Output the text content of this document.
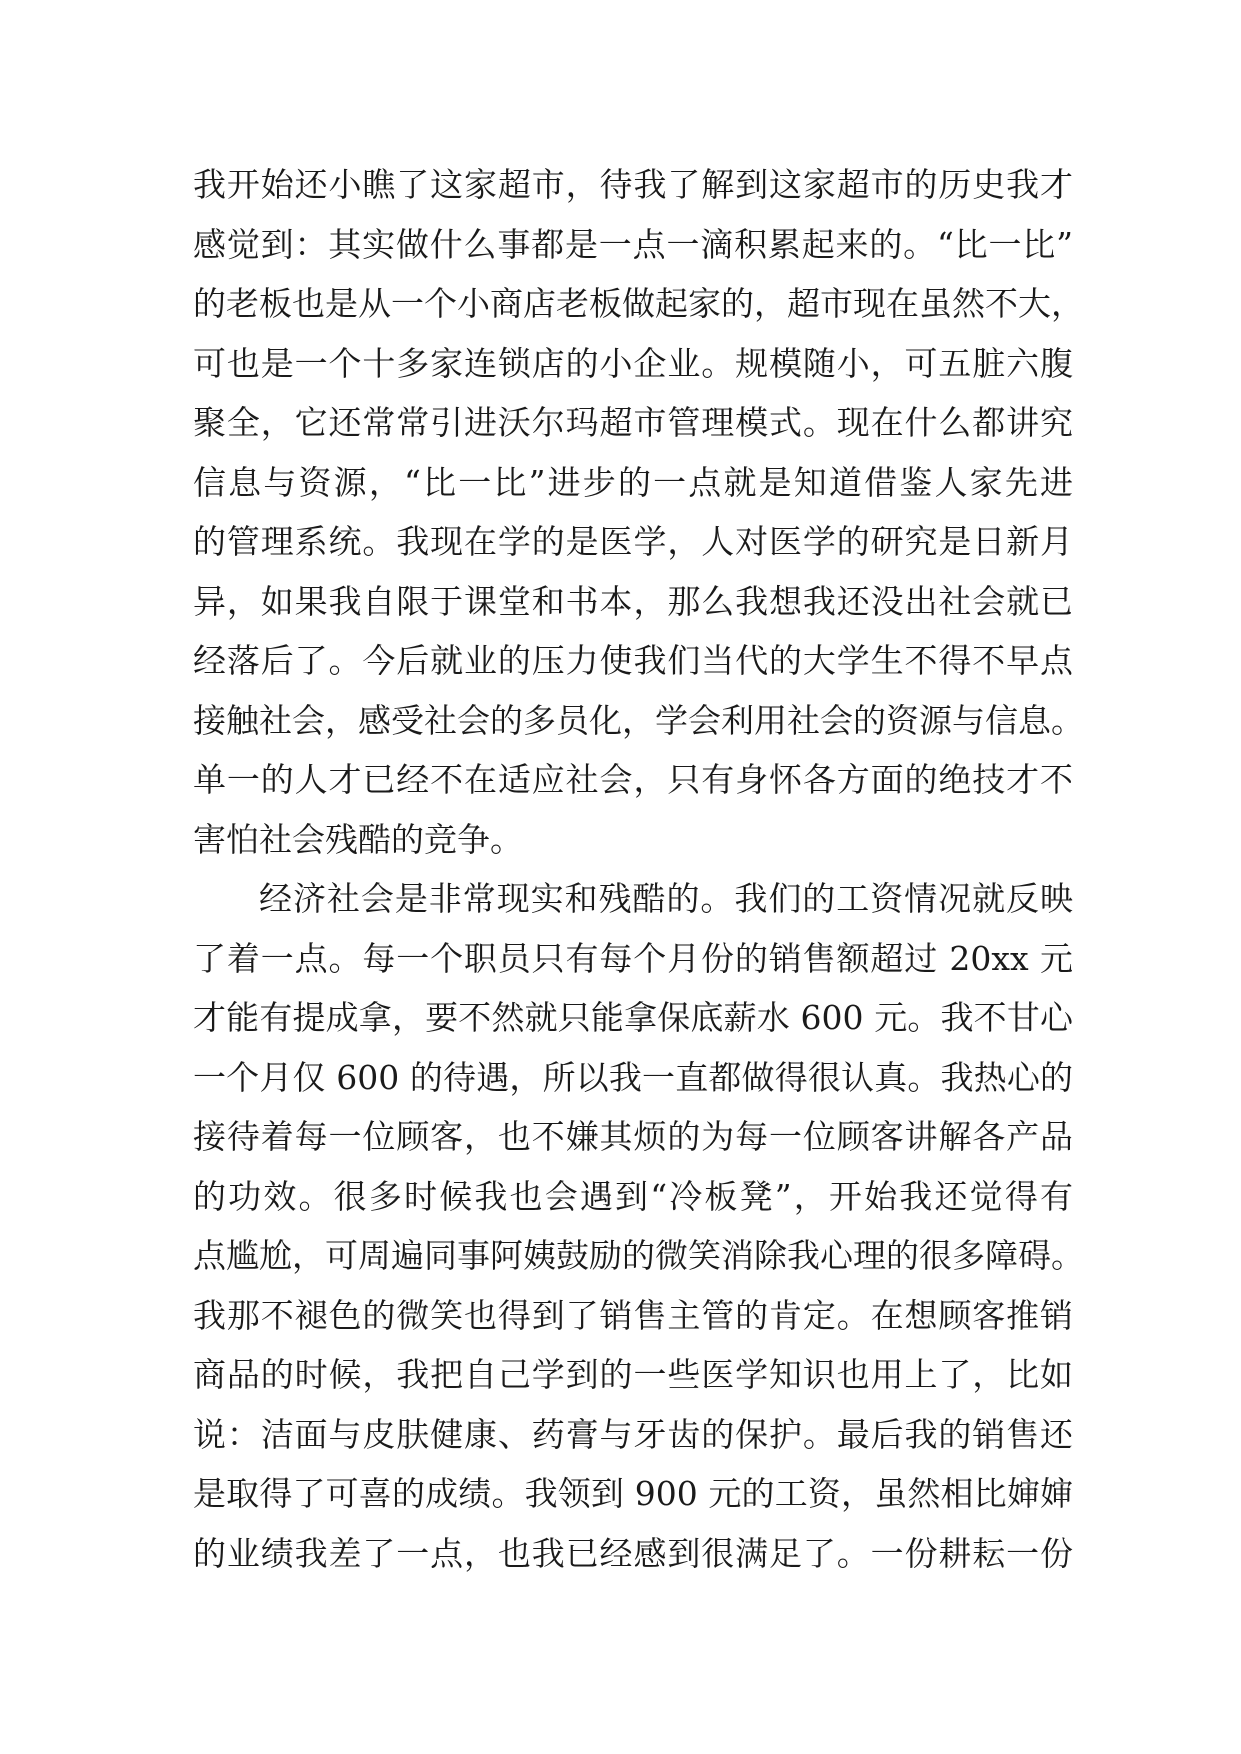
我开始还小瞧了这家超市，待我了解到这家超市的历史我才
感觉到：其实做什么事都是一点一滴积累起来的。“比一比”
的老板也是从一个小商店老板做起家的，超市现在虽然不大，
可也是一个十多家连锁店的小企业。规模随小，可五脏六腹
聚全，它还常常引进沃尔玛超市管理模式。现在什么都讲究
信息与资源，“比一比”进步的一点就是知道借鉴人家先进
的管理系统。我现在学的是医学，人对医学的研究是日新月
异，如果我自限于课堂和书本，那么我想我还没出社会就已
经落后了。今后就业的压力使我们当代的大学生不得不早点
接触社会，感受社会的多员化，学会利用社会的资源与信息。
单一的人才已经不在适应社会，只有身怀各方面的绝技才不
害怕社会残酷的竞争。
经济社会是非常现实和残酷的。我们的工资情况就反映
了着一点。每一个职员只有每个月份的销售额超过 20xx 元
才能有提成拿，要不然就只能拿保底薪水 600 元。我不甘心
一个月仅 600 的待遇，所以我一直都做得很认真。我热心的
接待着每一位顾客，也不嫌其烦的为每一位顾客讲解各产品
的功效。很多时候我也会遇到“冷板凳”，开始我还觉得有
点尴尬，可周遍同事阿姨鼓励的微笑消除我心理的很多障碍。
我那不褪色的微笑也得到了销售主管的肯定。在想顾客推销
商品的时候，我把自己学到的一些医学知识也用上了，比如
说：洁面与皮肤健康、药膏与牙齿的保护。最后我的销售还
是取得了可喜的成绩。我领到 900 元的工资，虽然相比婶婶
的业绩我差了一点，也我已经感到很满足了。一份耕耘一份
